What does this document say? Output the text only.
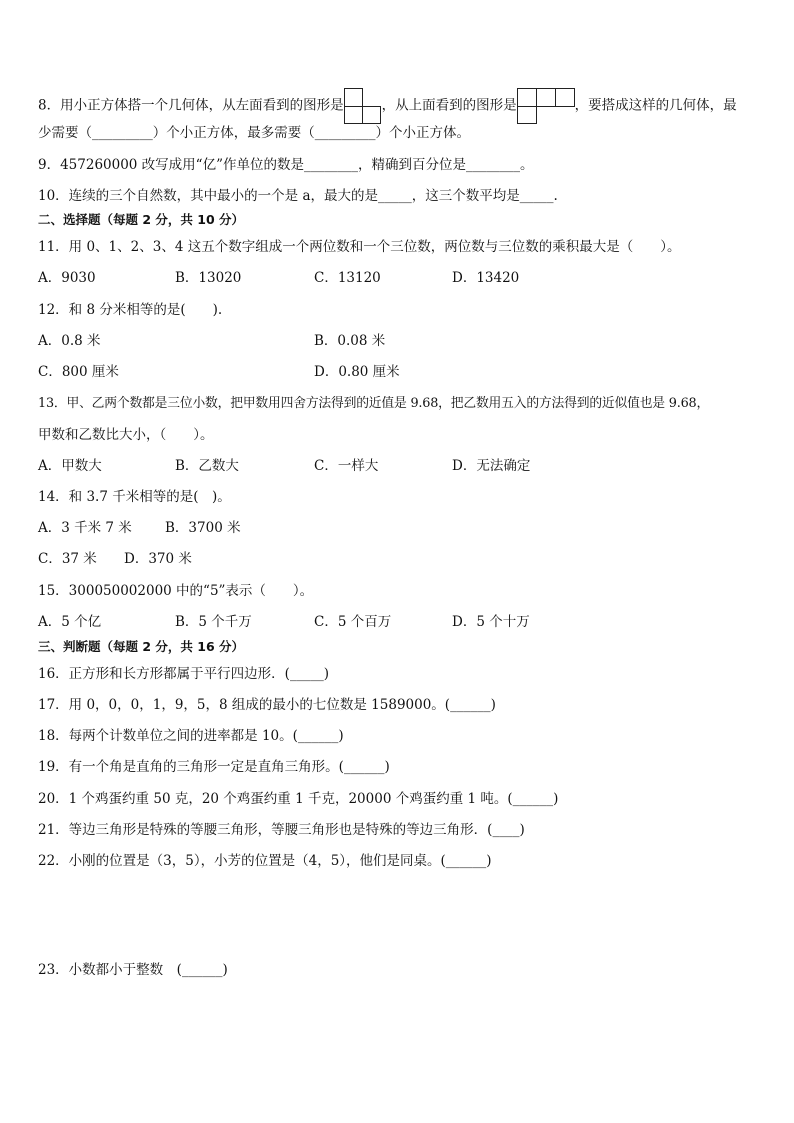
8．用小正方体搭一个几何体，从左面看到的图形是	，从上面看到的图形是	，要搭成这样的几何体，最
少需要（_________）个小正方体，最多需要（_________）个小正方体。
9．457260000 改写成用“亿”作单位的数是________，精确到百分位是________。
10．连续的三个自然数，其中最小的一个是 a，最大的是_____，这三个数平均是_____.
二、选择题（每题 2 分，共 10 分）
11．用 0、1、2、3、4 这五个数字组成一个两位数和一个三位数，两位数与三位数的乘积最大是（　　）。
A．9030	B．13020	C．13120	D．13420
12．和 8 分米相等的是(　　).
A．0.8 米	B．0.08 米
C．800 厘米	D．0.80 厘米
13．甲、乙两个数都是三位小数，把甲数用四舍方法得到的近值是 9.68，把乙数用五入的方法得到的近似值也是 9.68，
甲数和乙数比大小，（　　）。
A．甲数大	B．乙数大	C．一样大	D．无法确定
14．和 3.7 千米相等的是(　)。
A．3 千米 7 米 B．3700 米
C．37 米 D．370 米
15．300050002000 中的“5”表示（　　）。
A．5 个亿	B．5 个千万	C．5 个百万	D．5 个十万
三、判断题（每题 2 分，共 16 分）
16．正方形和长方形都属于平行四边形．(_____)
17．用 0，0，0，1，9，5，8 组成的最小的七位数是 1589000。(______)
18．每两个计数单位之间的进率都是 10。(______)
19．有一个角是直角的三角形一定是直角三角形。(______)
20．1 个鸡蛋约重 50 克，20 个鸡蛋约重 1 千克，20000 个鸡蛋约重 1 吨。(______)
21．等边三角形是特殊的等腰三角形，等腰三角形也是特殊的等边三角形．(____)
22．小刚的位置是（3，5），小芳的位置是（4，5），他们是同桌。(______)
23．小数都小于整数　(______)
